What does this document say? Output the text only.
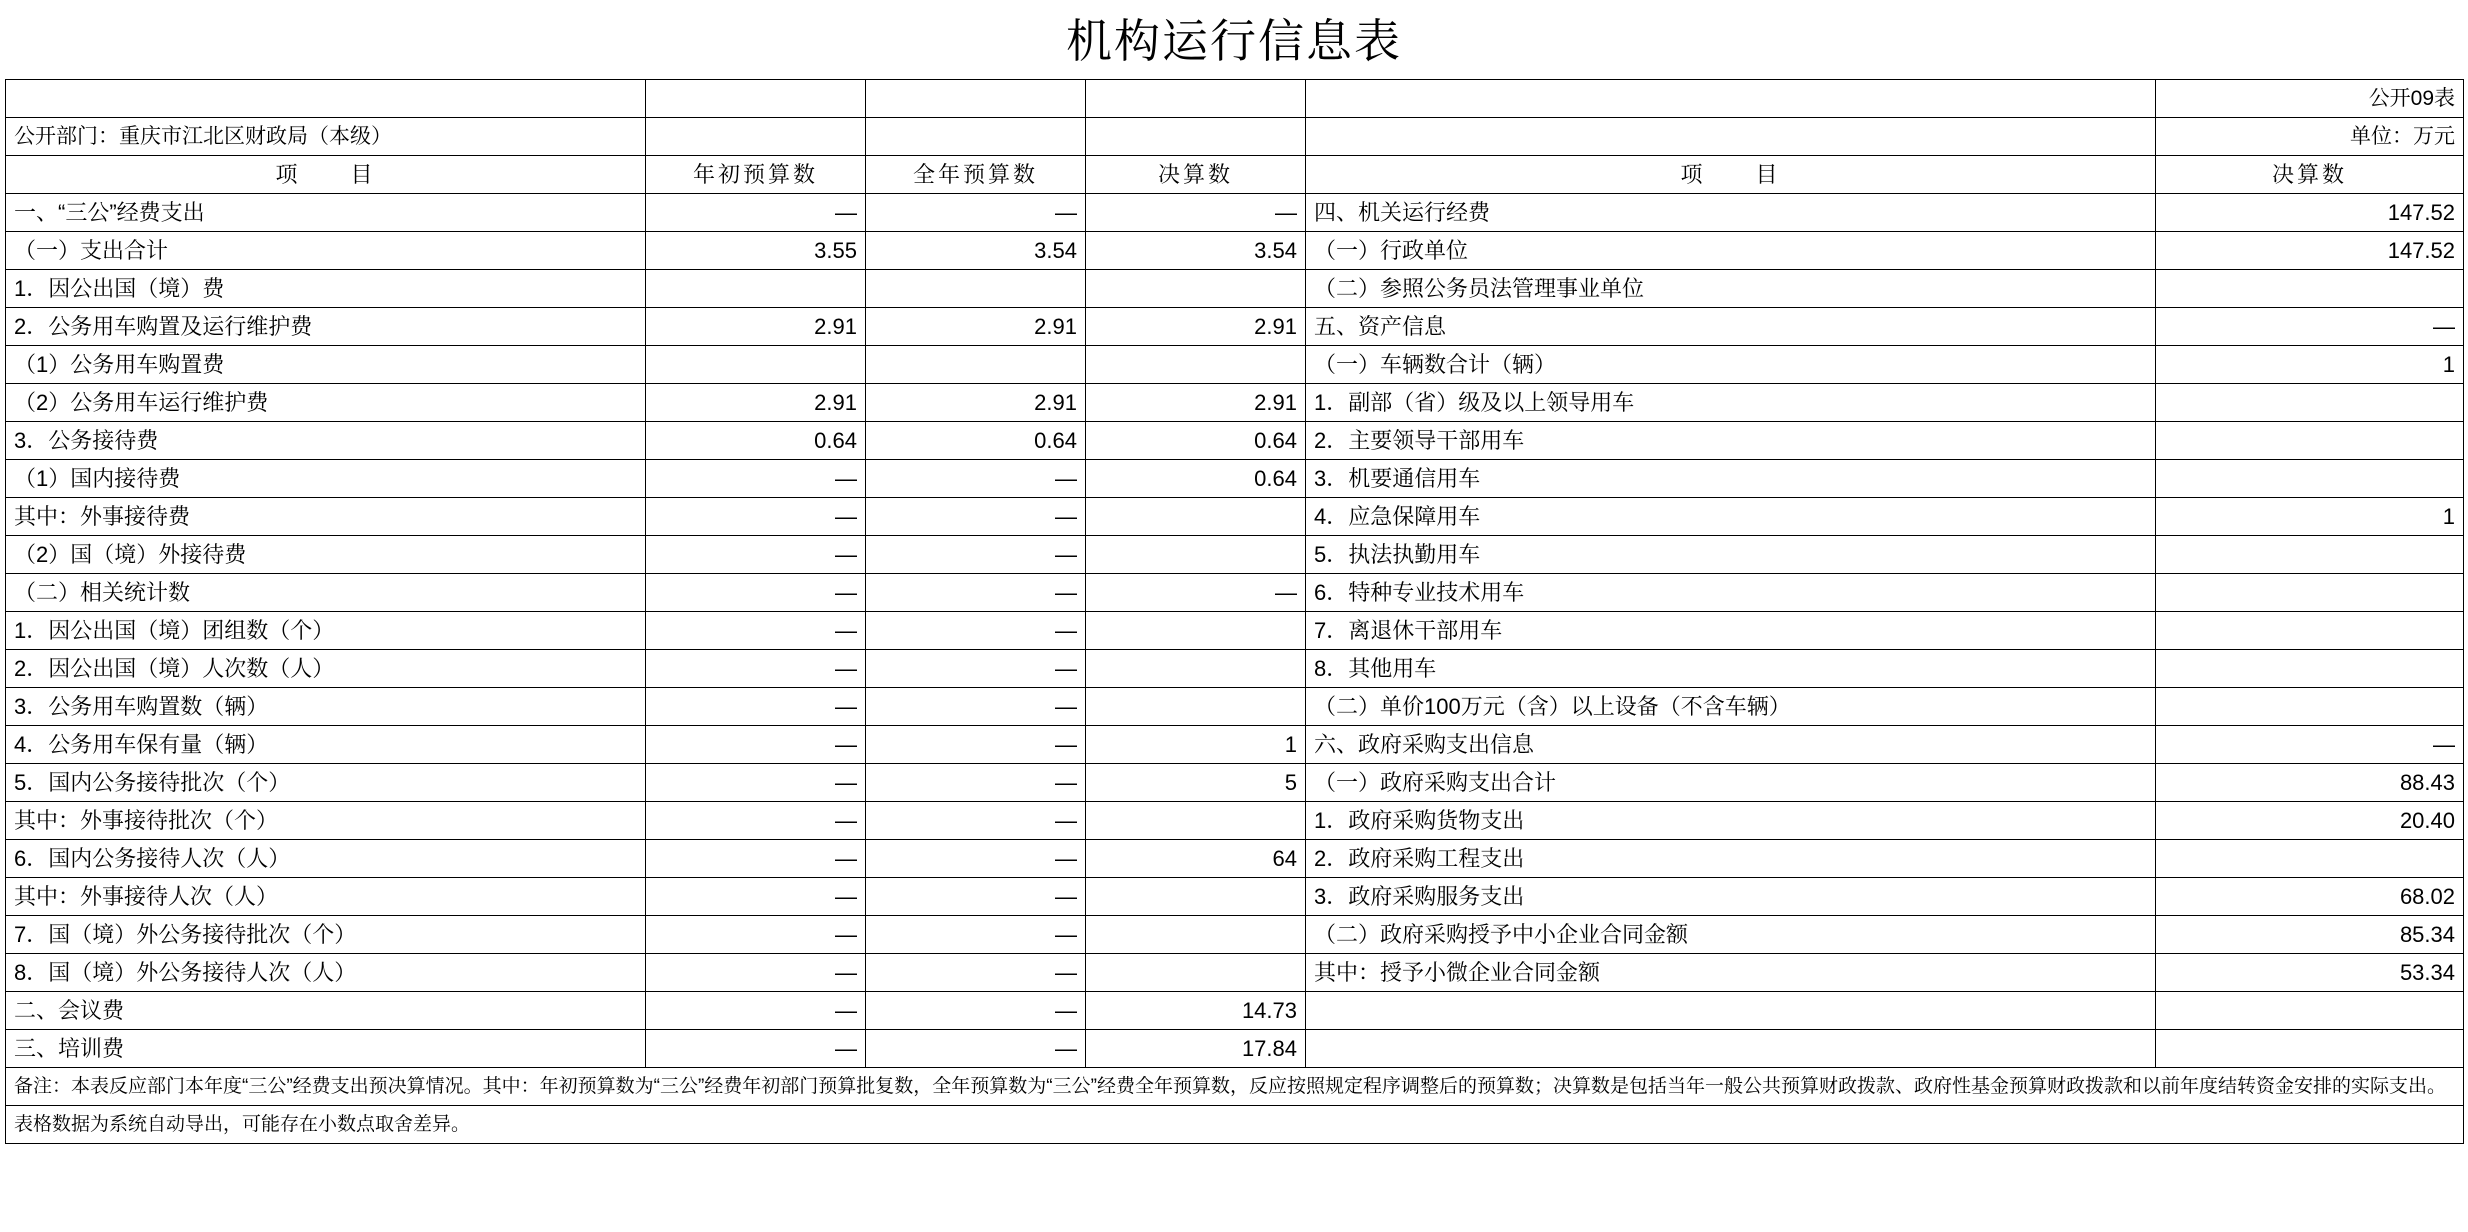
机构运行信息表
					公开09表
公开部门：重庆市江北区财政局（本级）					单位：万元
项　　目	年初预算数	全年预算数	决算数	项　　目	决算数
一、“三公”经费支出	—	—	—	四、机关运行经费	147.52
（一）支出合计	3.55	3.54	3.54	（一）行政单位	147.52
1．因公出国（境）费				（二）参照公务员法管理事业单位	
2．公务用车购置及运行维护费	2.91	2.91	2.91	五、资产信息	—
（1）公务用车购置费				（一）车辆数合计（辆）	1
（2）公务用车运行维护费	2.91	2.91	2.91	1．副部（省）级及以上领导用车	
3．公务接待费	0.64	0.64	0.64	2．主要领导干部用车	
（1）国内接待费	—	—	0.64	3．机要通信用车	
其中：外事接待费	—	—		4．应急保障用车	1
（2）国（境）外接待费	—	—		5．执法执勤用车	
（二）相关统计数	—	—	—	6．特种专业技术用车	
1．因公出国（境）团组数（个）	—	—		7．离退休干部用车	
2．因公出国（境）人次数（人）	—	—		8．其他用车	
3．公务用车购置数（辆）	—	—		（二）单价100万元（含）以上设备（不含车辆）	
4．公务用车保有量（辆）	—	—	1	六、政府采购支出信息	—
5．国内公务接待批次（个）	—	—	5	（一）政府采购支出合计	88.43
其中：外事接待批次（个）	—	—		1．政府采购货物支出	20.40
6．国内公务接待人次（人）	—	—	64	2．政府采购工程支出	
其中：外事接待人次（人）	—	—		3．政府采购服务支出	68.02
7．国（境）外公务接待批次（个）	—	—		（二）政府采购授予中小企业合同金额	85.34
8．国（境）外公务接待人次（人）	—	—		其中：授予小微企业合同金额	53.34
二、会议费	—	—	14.73		
三、培训费	—	—	17.84		
备注：本表反应部门本年度“三公”经费支出预决算情况。其中：年初预算数为“三公”经费年初部门预算批复数，全年预算数为“三公”经费全年预算数，反应按照规定程序调整后的预算数；决算数是包括当年一般公共预算财政拨款、政府性基金预算财政拨款和以前年度结转资金安排的实际支出。					
表格数据为系统自动导出，可能存在小数点取舍差异。					
